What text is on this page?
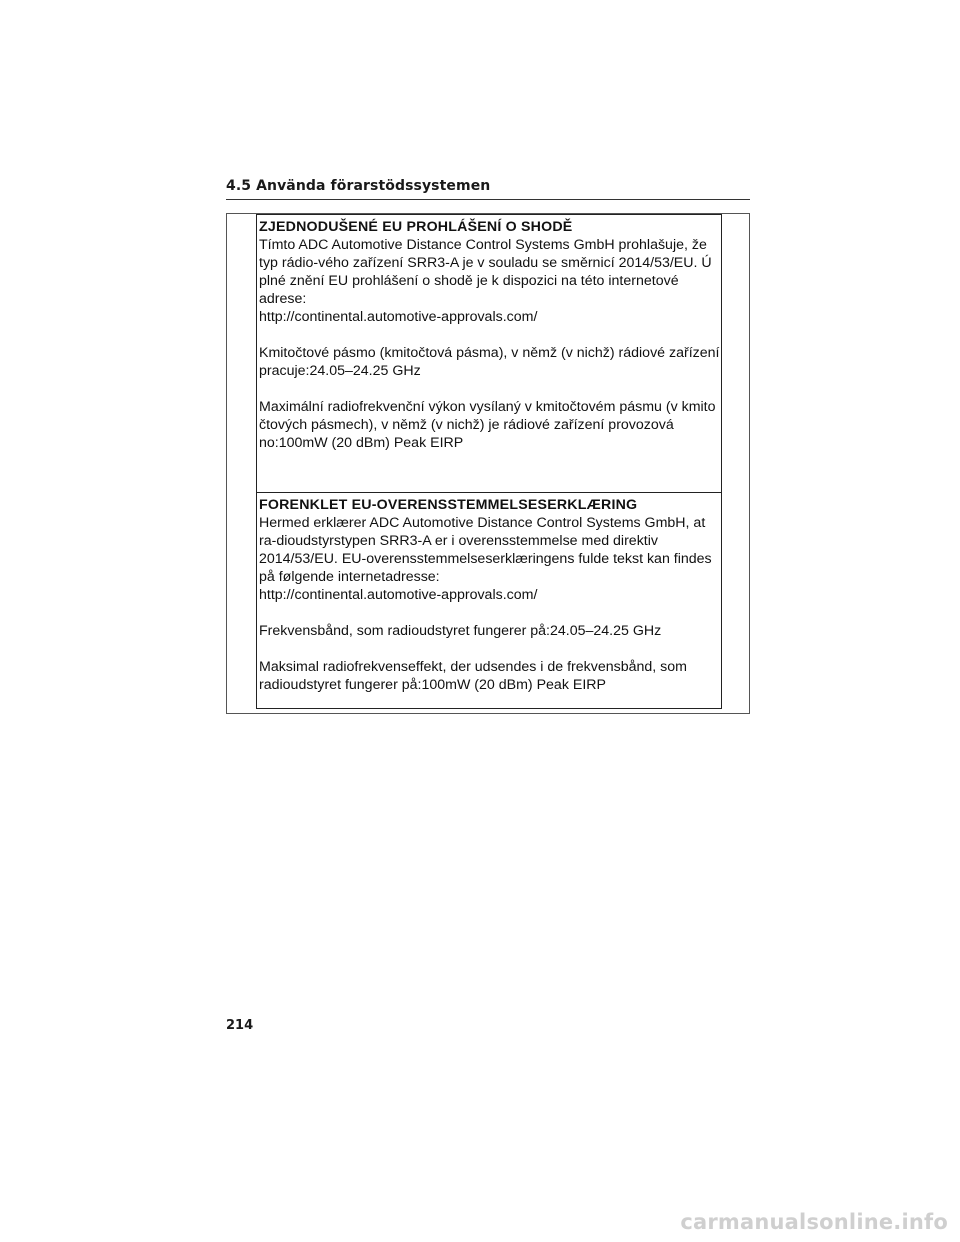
4.5 Använda förarstödssystemen
ZJEDNODUŠENÉ EU PROHLÁŠENÍ O SHODĚ
Tímto ADC Automotive Distance Control Systems GmbH prohlašuje, že
typ rádio-vého zařízení SRR3-A je v souladu se směrnicí 2014/53/EU. Ú
plné znění EU prohlášení o shodě je k dispozici na této internetové
adrese:
http://continental.automotive-approvals.com/
Kmitočtové pásmo (kmitočtová pásma), v němž (v nichž) rádiové zařízení
pracuje:24.05–24.25 GHz
Maximální radiofrekvenční výkon vysílaný v kmitočtovém pásmu (v kmito
čtových pásmech), v němž (v nichž) je rádiové zařízení provozová
no:100mW (20 dBm) Peak EIRP
FORENKLET EU-OVERENSSTEMMELSESERKLÆRING
Hermed erklærer ADC Automotive Distance Control Systems GmbH, at
ra-dioudstyrstypen SRR3-A er i overensstemmelse med direktiv
2014/53/EU. EU-overensstemmelseserklæringens fulde tekst kan findes
på følgende internetadresse:
http://continental.automotive-approvals.com/
Frekvensbånd, som radioudstyret fungerer på:24.05–24.25 GHz
Maksimal radiofrekvenseffekt, der udsendes i de frekvensbånd, som
radioudstyret fungerer på:100mW (20 dBm) Peak EIRP
214
carmanualsonline.info
